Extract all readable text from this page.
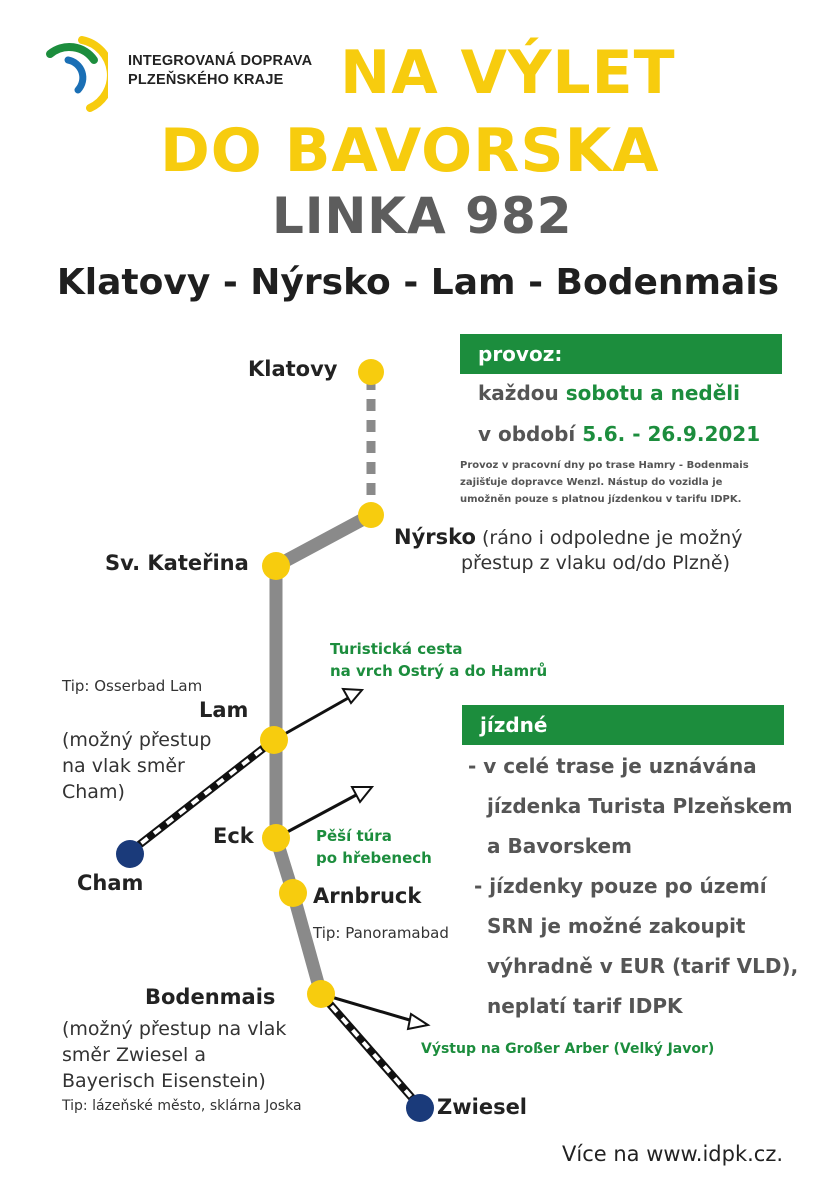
INTEGROVANÁ DOPRAVA
PLZEŇSKÉHO KRAJE NA VÝLET
DO BAVORSKA
LINKA 982
Klatovy - Nýrsko - Lam - Bodenmais
provoz:
každou sobotu a neděli
v období 5.6. - 26.9.2021
Provoz v pracovní dny po trase Hamry - Bodenmais
zajišťuje dopravce Wenzl. Nástup do vozidla je
umožněn pouze s platnou jízdenkou v tarifu IDPK.
Klatovy
Nýrsko (ráno i odpoledne je možný
přestup z vlaku od/do Plzně)
Sv. Kateřina
Tip: Osserbad Lam
Lam
(možný přestup
na vlak směr
Cham)
Cham
Eck
Arnbruck
Tip: Panoramabad
Bodenmais
(možný přestup na vlak
směr Zwiesel a
Bayerisch Eisenstein)
Tip: lázeňské město, sklárna Joska	Zwiesel
Turistická cesta
na vrch Ostrý a do Hamrů
Pěší túra
po hřebenech
Výstup na Großer Arber (Velký Javor)
jízdné
- v celé trase je uznávána
jízdenka Turista Plzeňskem
a Bavorskem
- jízdenky pouze po území
SRN je možné zakoupit
výhradně v EUR (tarif VLD),
neplatí tarif IDPK
Více na www.idpk.cz.
